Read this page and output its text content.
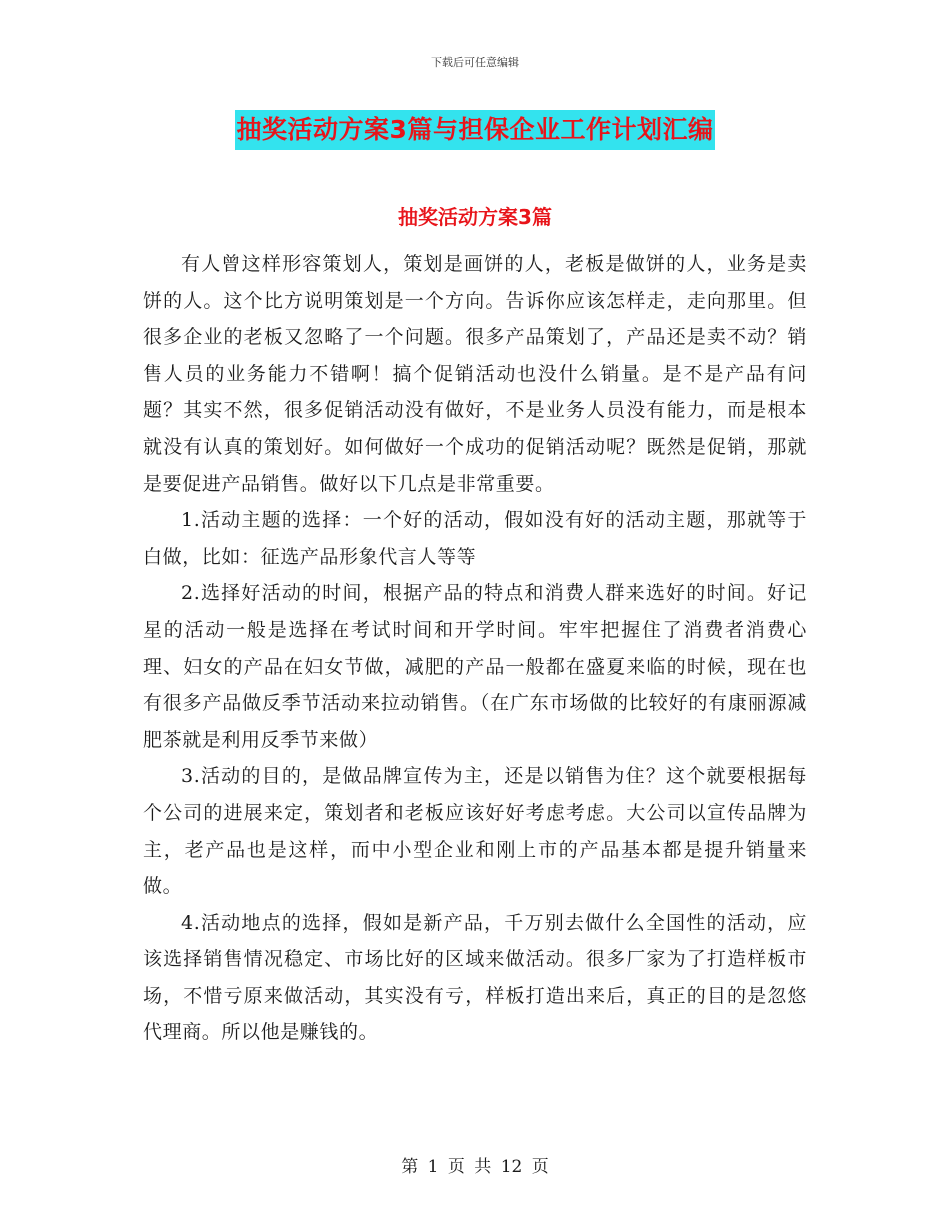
下载后可任意编辑
抽奖活动方案3篇与担保企业工作计划汇编
抽奖活动方案3篇

有人曾这样形容策划人，策划是画饼的人，老板是做饼的人，业务是卖饼的人。这个比方说明策划是一个方向。告诉你应该怎样走，走向那里。但很多企业的老板又忽略了一个问题。很多产品策划了，产品还是卖不动？销售人员的业务能力不错啊！搞个促销活动也没什么销量。是不是产品有问题？其实不然，很多促销活动没有做好，不是业务人员没有能力，而是根本就没有认真的策划好。如何做好一个成功的促销活动呢？既然是促销，那就是要促进产品销售。做好以下几点是非常重要。

1.活动主题的选择：一个好的活动，假如没有好的活动主题，那就等于白做，比如：征选产品形象代言人等等

2.选择好活动的时间，根据产品的特点和消费人群来选好的时间。好记星的活动一般是选择在考试时间和开学时间。牢牢把握住了消费者消费心理、妇女的产品在妇女节做，减肥的产品一般都在盛夏来临的时候，现在也有很多产品做反季节活动来拉动销售。（在广东市场做的比较好的有康丽源减肥茶就是利用反季节来做）

3.活动的目的，是做品牌宣传为主，还是以销售为住？这个就要根据每个公司的进展来定，策划者和老板应该好好考虑考虑。大公司以宣传品牌为主，老产品也是这样，而中小型企业和刚上市的产品基本都是提升销量来做。

4.活动地点的选择，假如是新产品，千万别去做什么全国性的活动，应该选择销售情况稳定、市场比好的区域来做活动。很多厂家为了打造样板市场，不惜亏原来做活动，其实没有亏，样板打造出来后，真正的目的是忽悠代理商。所以他是赚钱的。

第 1 页 共 12 页
